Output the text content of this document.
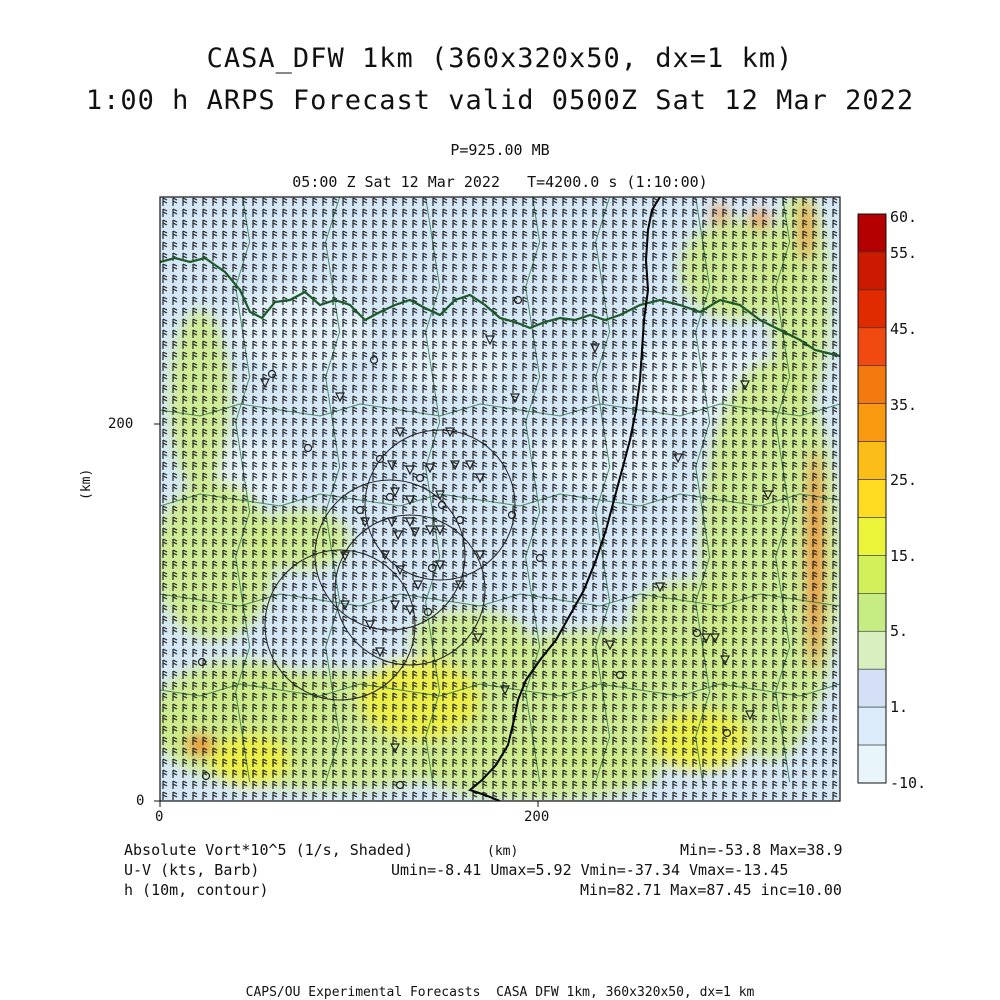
CASA_DFW 1km (360x320x50, dx=1 km)
1:00 h ARPS Forecast valid 0500Z Sat 12 Mar 2022
P=925.00 MB
05:00 Z Sat 12 Mar 2022   T=4200.0 s (1:10:00)
200
0
0	200
(km)
(km)
60.
55.
45.
35.
25.
15.
5.
1.
-10.
Absolute Vort*10^5 (1/s, Shaded)	Min=-53.8 Max=38.9
U-V (kts, Barb)	Umin=-8.41 Umax=5.92 Vmin=-37.34 Vmax=-13.45
h (10m, contour)	Min=82.71 Max=87.45 inc=10.00
CAPS/OU Experimental Forecasts  CASA DFW 1km, 360x320x50, dx=1 km
